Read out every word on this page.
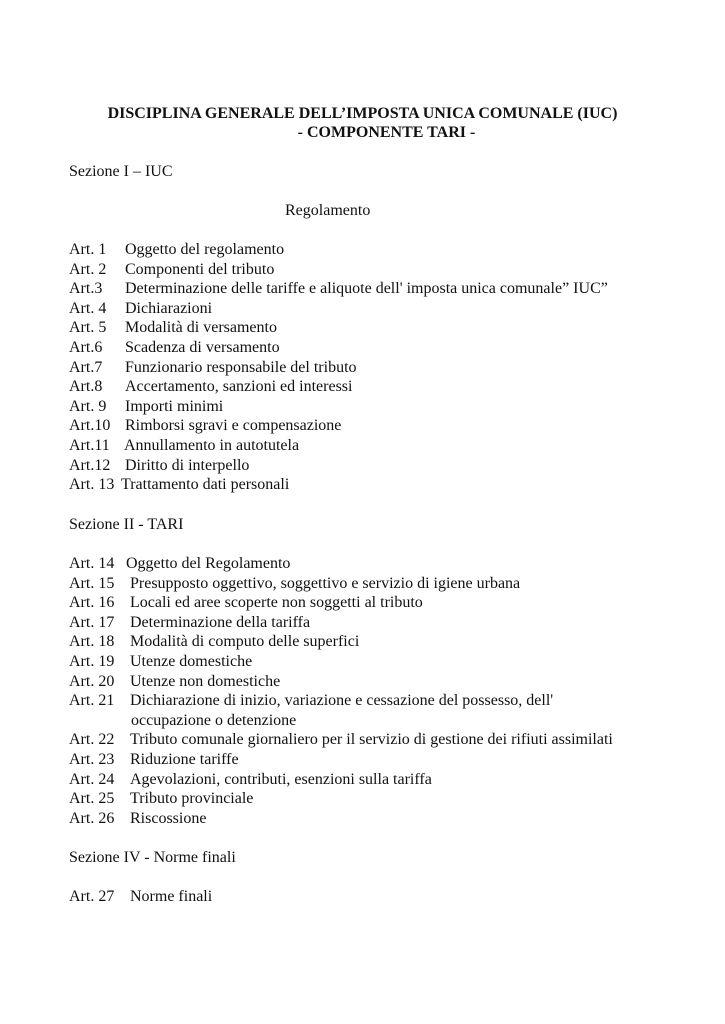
DISCIPLINA GENERALE DELL’IMPOSTA UNICA COMUNALE (IUC)
- COMPONENTE TARI -
Sezione I – IUC
Regolamento
Art. 1 Oggetto del regolamento
Art. 2 Componenti del tributo
Art.3 Determinazione delle tariffe e aliquote dell' imposta unica comunale” IUC”
Art. 4 Dichiarazioni
Art. 5 Modalità di versamento
Art.6 Scadenza di versamento
Art.7 Funzionario responsabile del tributo
Art.8 Accertamento, sanzioni ed interessi
Art. 9 Importi minimi
Art.10 Rimborsi sgravi e compensazione
Art.11 Annullamento in autotutela
Art.12 Diritto di interpello
Art. 13 Trattamento dati personali
Sezione II - TARI
Art. 14 Oggetto del Regolamento
Art. 15 Presupposto oggettivo, soggettivo e servizio di igiene urbana
Art. 16 Locali ed aree scoperte non soggetti al tributo
Art. 17 Determinazione della tariffa
Art. 18 Modalità di computo delle superfici
Art. 19 Utenze domestiche
Art. 20 Utenze non domestiche
Art. 21 Dichiarazione di inizio, variazione e cessazione del possesso, dell'
occupazione o detenzione
Art. 22 Tributo comunale giornaliero per il servizio di gestione dei rifiuti assimilati
Art. 23 Riduzione tariffe
Art. 24 Agevolazioni, contributi, esenzioni sulla tariffa
Art. 25 Tributo provinciale
Art. 26 Riscossione
Sezione IV - Norme finali
Art. 27 Norme finali
